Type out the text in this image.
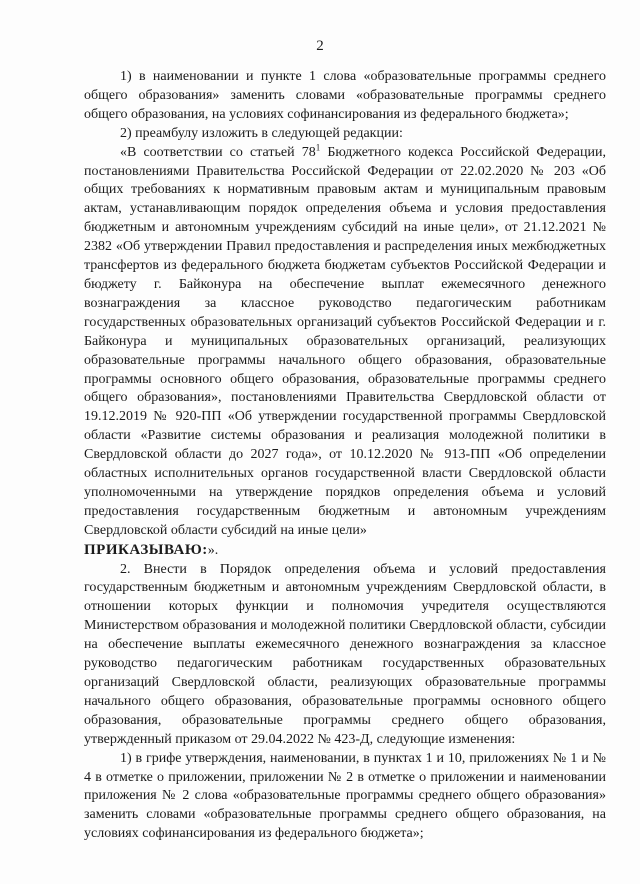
2

1) в наименовании и пункте 1 слова «образовательные программы среднего общего образования» заменить словами «образовательные программы среднего общего образования, на условиях софинансирования из федерального бюджета»;

2) преамбулу изложить в следующей редакции:

«В соответствии со статьей $78^1$ Бюджетного кодекса Российской Федерации, постановлениями Правительства Российской Федерации от 22.02.2020 № 203 «Об общих требованиях к нормативным правовым актам и муниципальным правовым актам, устанавливающим порядок определения объема и условия предоставления бюджетным и автономным учреждениям субсидий на иные цели», от 21.12.2021 № 2382 «Об утверждении Правил предоставления и распределения иных межбюджетных трансфертов из федерального бюджета бюджетам субъектов Российской Федерации и бюджету г. Байконура на обеспечение выплат ежемесячного денежного вознаграждения за классное руководство педагогическим работникам государственных образовательных организаций субъектов Российской Федерации и г. Байконура и муниципальных образовательных организаций, реализующих образовательные программы начального общего образования, образовательные программы основного общего образования, образовательные программы среднего общего образования», постановлениями Правительства Свердловской области от 19.12.2019 № 920-ПП «Об утверждении государственной программы Свердловской области «Развитие системы образования и реализация молодежной политики в Свердловской области до 2027 года», от 10.12.2020 № 913-ПП «Об определении областных исполнительных органов государственной власти Свердловской области уполномоченными на утверждение порядков определения объема и условий предоставления государственным бюджетным и автономным учреждениям Свердловской области субсидий на иные цели»

ПРИКАЗЫВАЮ:».

2. Внести в Порядок определения объема и условий предоставления государственным бюджетным и автономным учреждениям Свердловской области, в отношении которых функции и полномочия учредителя осуществляются Министерством образования и молодежной политики Свердловской области, субсидии на обеспечение выплаты ежемесячного денежного вознаграждения за классное руководство педагогическим работникам государственных образовательных организаций Свердловской области, реализующих образовательные программы начального общего образования, образовательные программы основного общего образования, образовательные программы среднего общего образования, утвержденный приказом от 29.04.2022 № 423-Д, следующие изменения:

1) в грифе утверждения, наименовании, в пунктах 1 и 10, приложениях № 1 и № 4 в отметке о приложении, приложении № 2 в отметке о приложении и наименовании приложения № 2 слова «образовательные программы среднего общего образования» заменить словами «образовательные программы среднего общего образования, на условиях софинансирования из федерального бюджета»;
